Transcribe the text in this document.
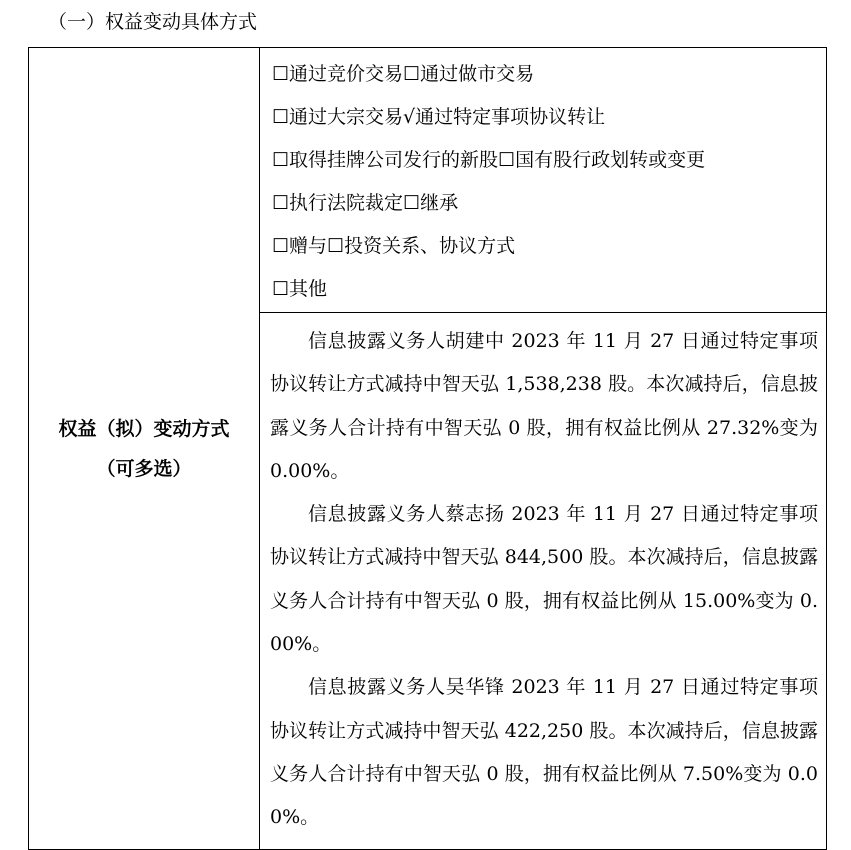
（一）权益变动具体方式
权益（拟）变动方式
（可多选）

☐通过竞价交易☐通过做市交易
☐通过大宗交易√通过特定事项协议转让
☐取得挂牌公司发行的新股☐国有股行政划转或变更
☐执行法院裁定☐继承
☐赠与☐投资关系、协议方式
☐其他

信息披露义务人胡建中 2023 年 11 月 27 日通过特定事项协议转让方式减持中智天弘 1,538,238 股。本次减持后，信息披露义务人合计持有中智天弘 0 股，拥有权益比例从 27.32%变为 0.00%。

信息披露义务人蔡志扬 2023 年 11 月 27 日通过特定事项协议转让方式减持中智天弘 844,500 股。本次减持后，信息披露义务人合计持有中智天弘 0 股，拥有权益比例从 15.00%变为 0.00%。

信息披露义务人吴华锋 2023 年 11 月 27 日通过特定事项协议转让方式减持中智天弘 422,250 股。本次减持后，信息披露义务人合计持有中智天弘 0 股，拥有权益比例从 7.50%变为 0.00%。
